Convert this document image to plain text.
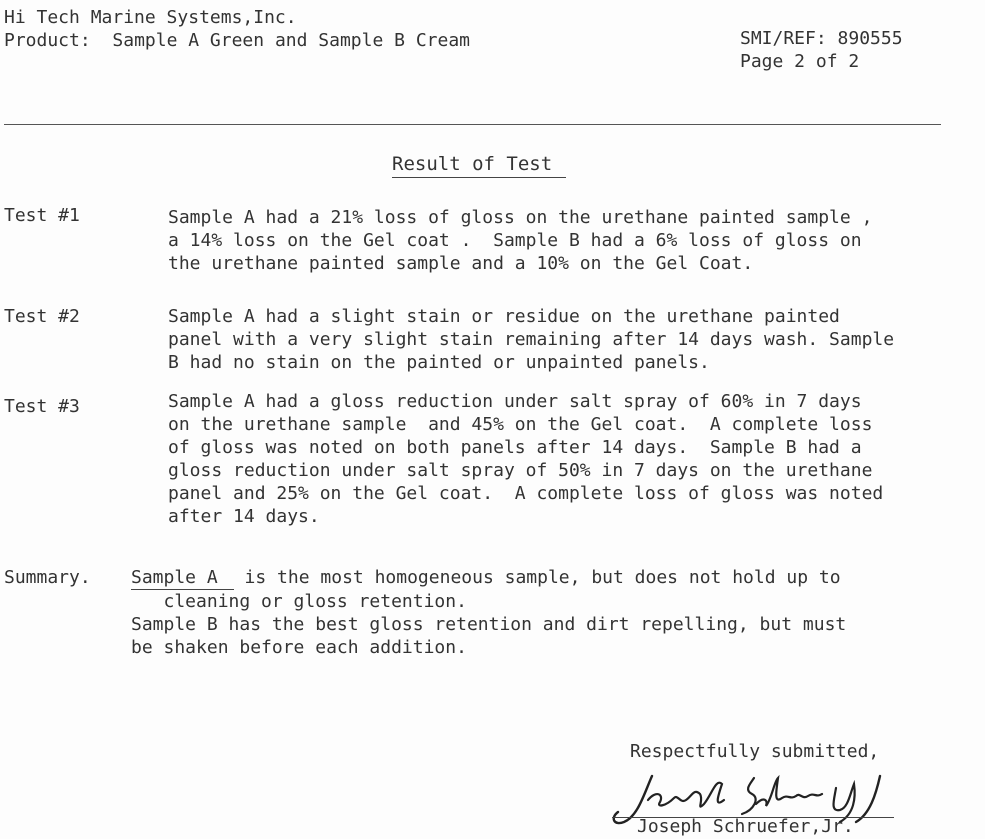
Hi Tech Marine Systems,Inc.
Product: Sample A Green and Sample B Cream	SMI/REF: 890555
Page 2 of 2
Result of Test
Test #1	Sample A had a 21% loss of gloss on the urethane painted sample ,
a 14% loss on the Gel coat .  Sample B had a 6% loss of gloss on
the urethane painted sample and a 10% on the Gel Coat.
Test #2	Sample A had a slight stain or residue on the urethane painted
panel with a very slight stain remaining after 14 days wash. Sample
B had no stain on the painted or unpainted panels.
Test #3	Sample A had a gloss reduction under salt spray of 60% in 7 days
on the urethane sample  and 45% on the Gel coat.  A complete loss
of gloss was noted on both panels after 14 days.  Sample B had a
gloss reduction under salt spray of 50% in 7 days on the urethane
panel and 25% on the Gel coat.  A complete loss of gloss was noted
after 14 days.
Summary. Sample A is the most homogeneous sample, but does not hold up to
cleaning or gloss retention.
Sample B has the best gloss retention and dirt repelling, but must
be shaken before each addition.
Respectfully submitted,
Joseph Schruefer,Jr.
